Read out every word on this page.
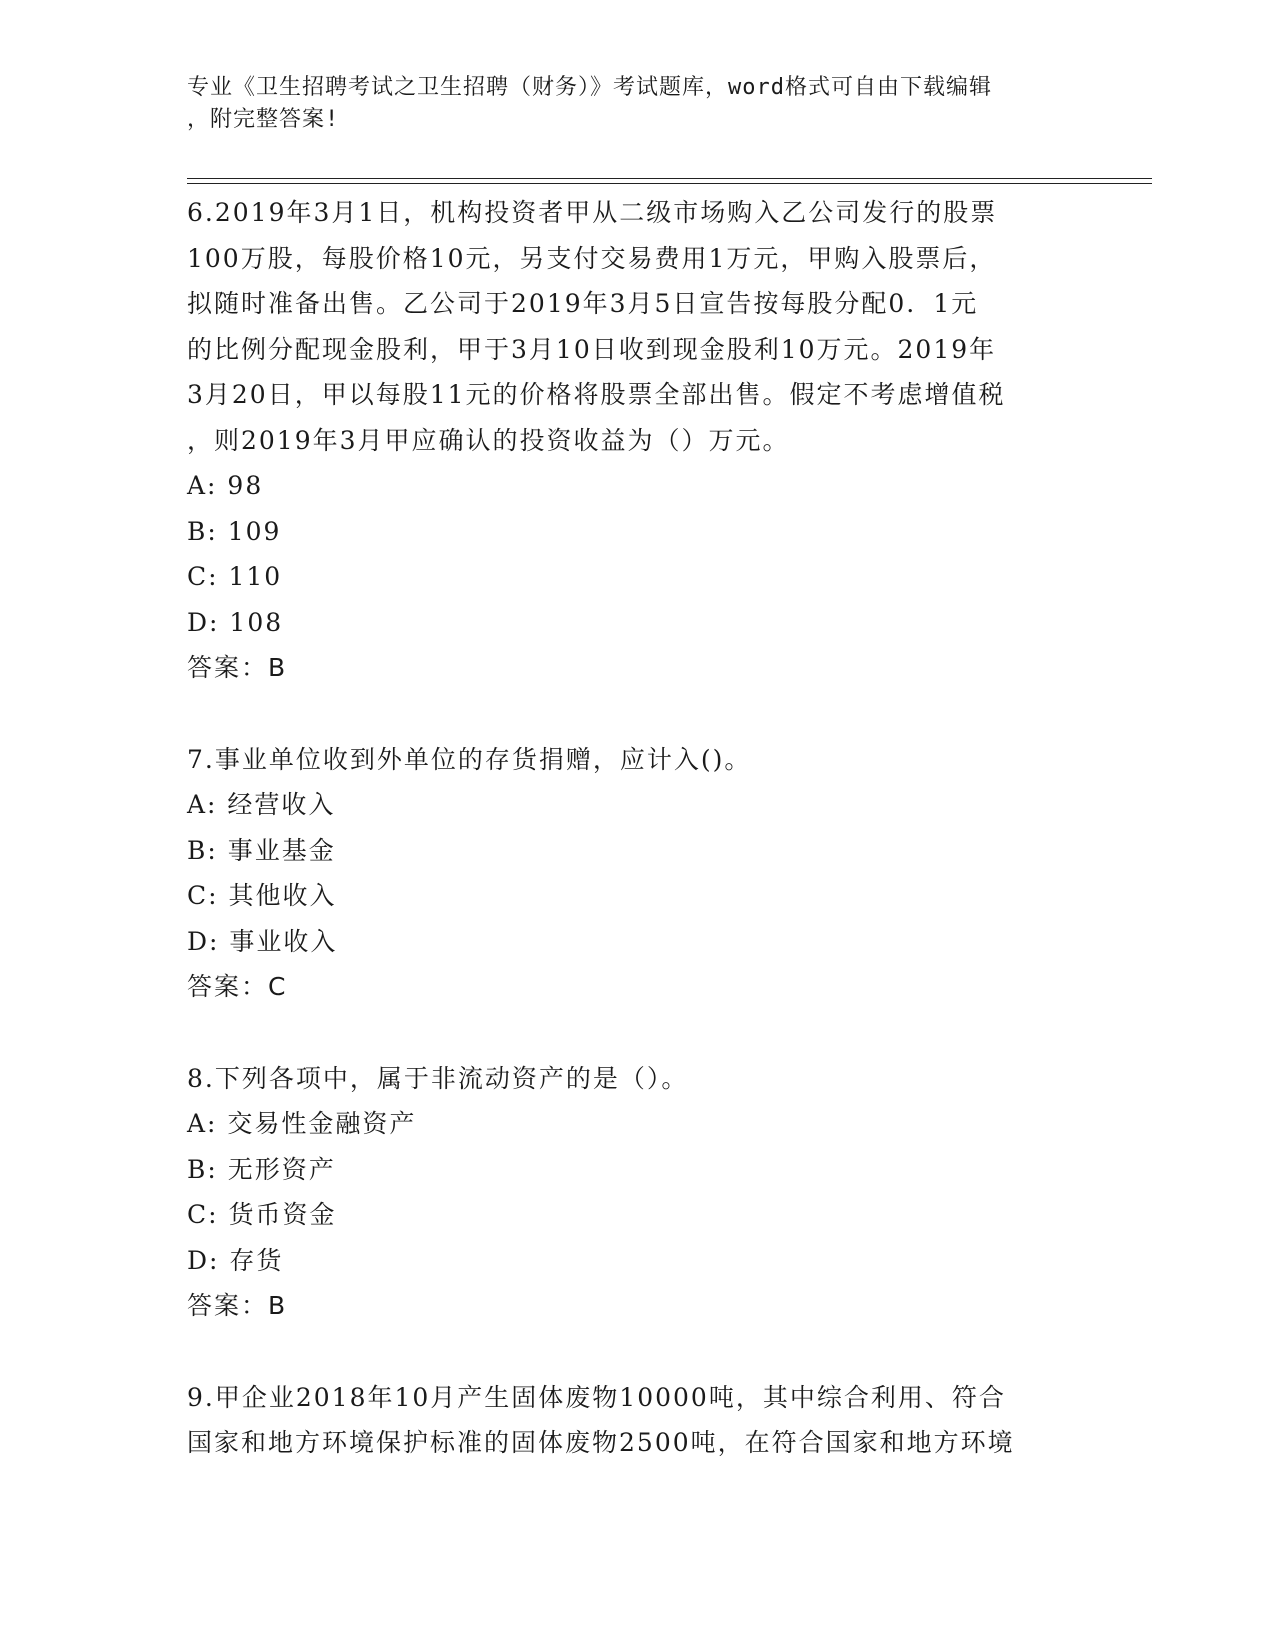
专业《卫生招聘考试之卫生招聘（财务）》考试题库，word格式可自由下载编辑
，附完整答案!
6.2019年3月1日，机构投资者甲从二级市场购入乙公司发行的股票
100万股，每股价格10元，另支付交易费用1万元，甲购入股票后，
拟随时准备出售。乙公司于2019年3月5日宣告按每股分配0．1元
的比例分配现金股利，甲于3月10日收到现金股利10万元。2019年
3月20日，甲以每股11元的价格将股票全部出售。假定不考虑增值税
，则2019年3月甲应确认的投资收益为（）万元。
A: 98
B: 109
C: 110
D: 108
答案：B
7.事业单位收到外单位的存货捐赠，应计入()。
A: 经营收入
B: 事业基金
C: 其他收入
D: 事业收入
答案：C
8.下列各项中，属于非流动资产的是（）。
A: 交易性金融资产
B: 无形资产
C: 货币资金
D: 存货
答案：B
9.甲企业2018年10月产生固体废物10000吨，其中综合利用、符合
国家和地方环境保护标准的固体废物2500吨，在符合国家和地方环境
